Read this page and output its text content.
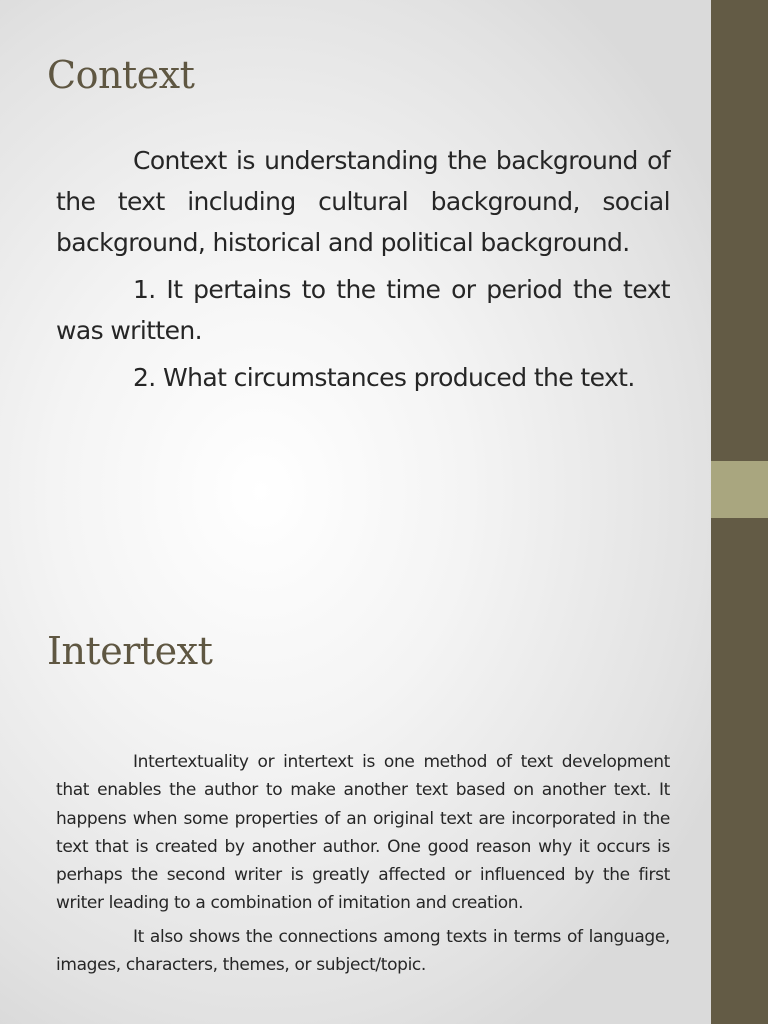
Context

Context is understanding the background of the text including cultural background, social background, historical and political background.

1. It pertains to the time or period the text was written.

2. What circumstances produced the text.

Intertext

Intertextuality or intertext is one method of text development that enables the author to make another text based on another text. It happens when some properties of an original text are incorporated in the text that is created by another author. One good reason why it occurs is perhaps the second writer is greatly affected or influenced by the first writer leading to a combination of imitation and creation.

It also shows the connections among texts in terms of language, images, characters, themes, or subject/topic.
